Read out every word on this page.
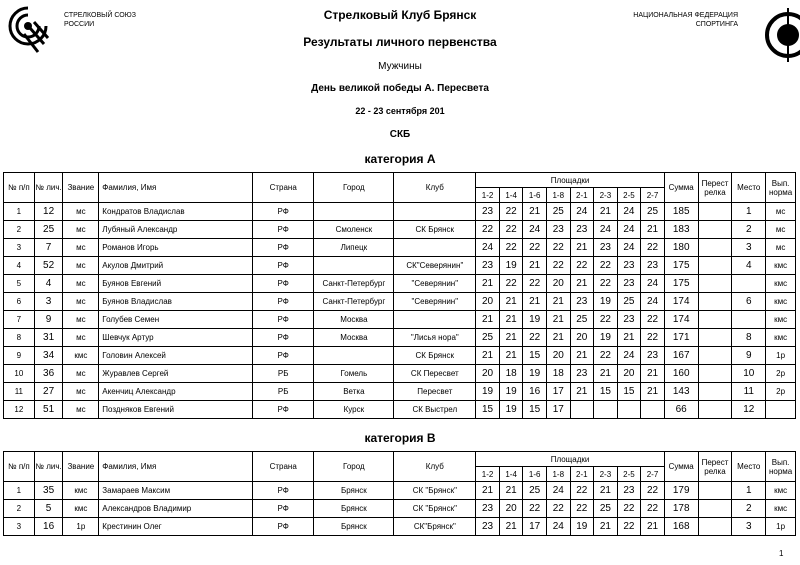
СТРЕЛКОВЫЙ СОЮЗ
РОССИИ
НАЦИОНАЛЬНАЯ ФЕДЕРАЦИЯ
СПОРТИНГА
Стрелковый Клуб Брянск
Результаты личного первенства
Мужчины
День великой победы А. Пересвета
22 - 23 сентября 201
СКБ
категория А
№ п/п	№ лич.	Звание	Фамилия, Имя	Страна	Город	Клуб	Площадки								Сумма	Перест релка	Место	Вып. норма
							1-2	1-4	1-6	1-8	2-1	2-3	2-5	2-7				
1	12	мс	Кондратов Владислав	РФ			23	22	21	25	24	21	24	25	185		1	мс
2	25	мс	Лубяный Александр	РФ	Смоленск	СК Брянск	22	22	24	23	23	24	24	21	183		2	мс
3	7	мс	Романов Игорь	РФ	Липецк		24	22	22	22	21	23	24	22	180		3	мс
4	52	мс	Акулов Дмитрий	РФ		СК"Северянин"	23	19	21	22	22	22	23	23	175		4	кмс
5	4	мс	Буянов Евгений	РФ	Санкт-Петербург	"Северянин"	21	22	22	20	21	22	23	24	175			кмс
6	3	мс	Буянов Владислав	РФ	Санкт-Петербург	"Северянин"	20	21	21	21	23	19	25	24	174		6	кмс
7	9	мс	Голубев Семен	РФ	Москва		21	21	19	21	25	22	23	22	174			кмс
8	31	мс	Шевчук Артур	РФ	Москва	"Лисья нора"	25	21	22	21	20	19	21	22	171		8	кмс
9	34	кмс	Головин Алексей	РФ		СК Брянск	21	21	15	20	21	22	24	23	167		9	1р
10	36	мс	Журавлев Сергей	РБ	Гомель	СК Пересвет	20	18	19	18	23	21	20	21	160		10	2р
11	27	мс	Акенчиц Александр	РБ	Ветка	Пересвет	19	19	16	17	21	15	15	21	143		11	2р
12	51	мс	Поздняков Евгений	РФ	Курск	СК Выстрел	15	19	15	17					66		12	
категория В
№ п/п	№ лич.	Звание	Фамилия, Имя	Страна	Город	Клуб	Площадки								Сумма	Перест релка	Место	Вып. норма
							1-2	1-4	1-6	1-8	2-1	2-3	2-5	2-7				
1	35	кмс	Замараев Максим	РФ	Брянск	СК "Брянск"	21	21	25	24	22	21	23	22	179		1	кмс
2	5	кмс	Александров Владимир	РФ	Брянск	СК "Брянск"	23	20	22	22	22	25	22	22	178		2	кмс
3	16	1р	Крестинин Олег	РФ	Брянск	СК"Брянск"	23	21	17	24	19	21	22	21	168		3	1р
1
